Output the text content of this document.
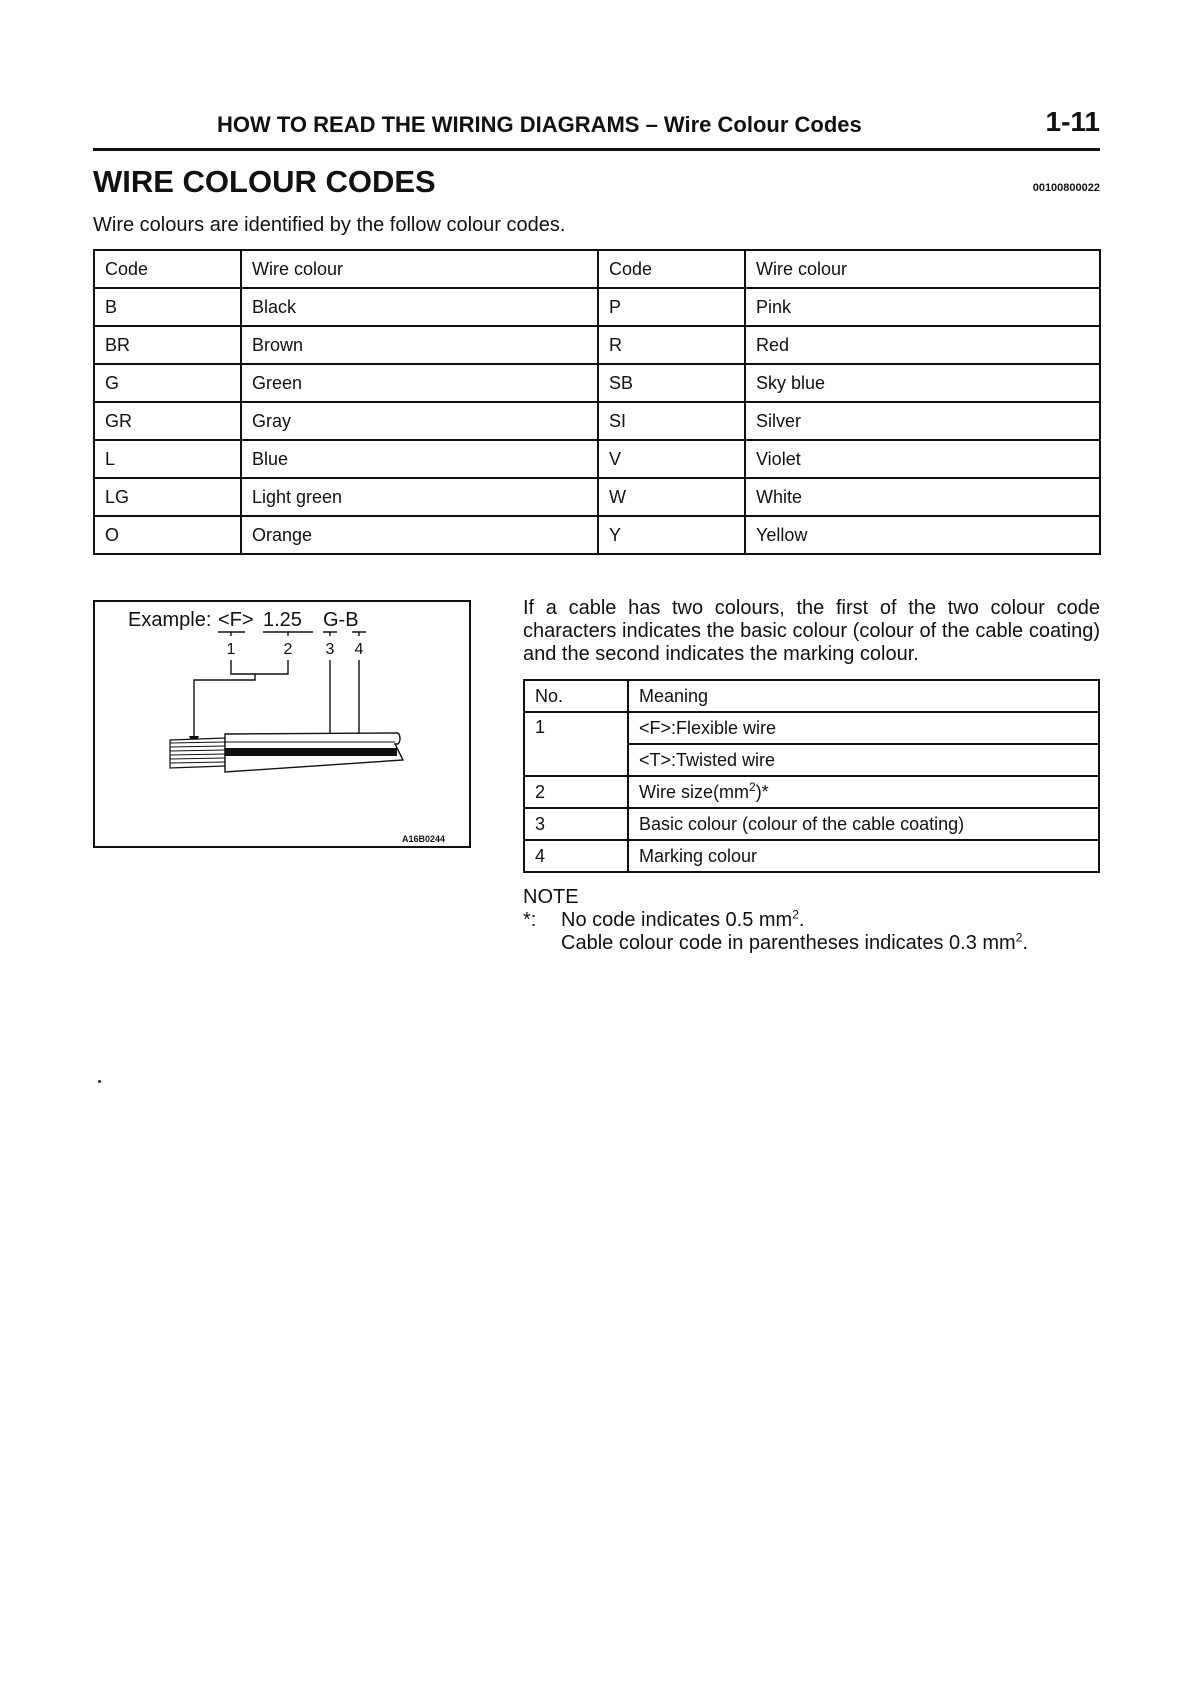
HOW TO READ THE WIRING DIAGRAMS – Wire Colour Codes	1-11
WIRE COLOUR CODES	00100800022
Wire colours are identified by the follow colour codes.
Code	Wire colour	Code	Wire colour
B	Black	P	Pink
BR	Brown	R	Red
G	Green	SB	Sky blue
GR	Gray	SI	Silver
L	Blue	V	Violet
LG	Light green	W	White
O	Orange	Y	Yellow
Example: <F> 1.25 G-B
1	2 3 4
A16B0244
If a cable has two colours, the first of the two colour code characters indicates the basic colour (colour of the cable coating) and the second indicates the marking colour.
No.	Meaning
1	<F>:Flexible wire
	<T>:Twisted wire
2	Wire $size(mm^2)*$
3	Basic colour (colour of the cable coating)
4	Marking colour
NOTE
*: No code indicates 0.5 $mm^2$.
Cable colour code in parentheses indicates 0.3 $mm^2$.
